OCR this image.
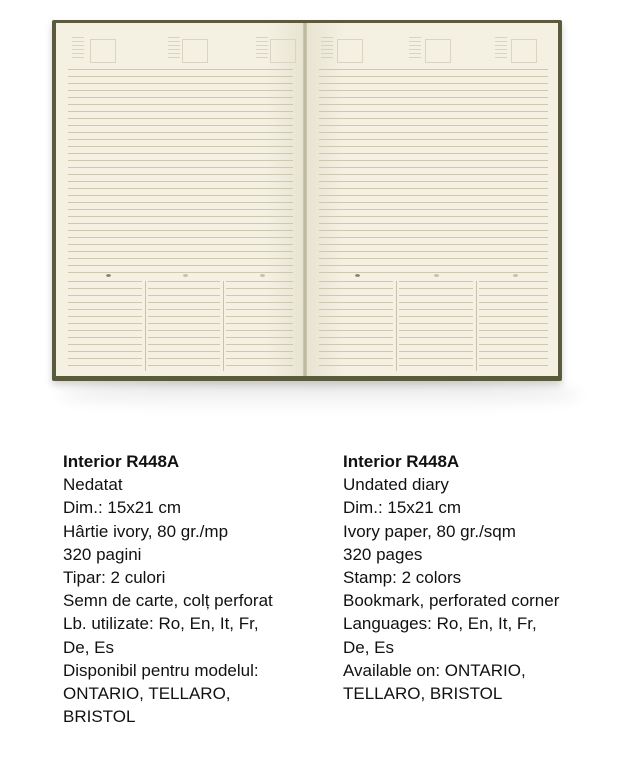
Interior R448A
Nedatat
Dim.: 15x21 cm
Hârtie ivory, 80 gr./mp
320 pagini
Tipar: 2 culori
Semn de carte, colț perforat
Lb. utilizate: Ro, En, It, Fr,
De, Es
Disponibil pentru modelul:
ONTARIO, TELLARO,
BRISTOL
Interior R448A
Undated diary
Dim.: 15x21 cm
Ivory paper, 80 gr./sqm
320 pages
Stamp: 2 colors
Bookmark, perforated corner
Languages: Ro, En, It, Fr,
De, Es
Available on: ONTARIO,
TELLARO, BRISTOL
